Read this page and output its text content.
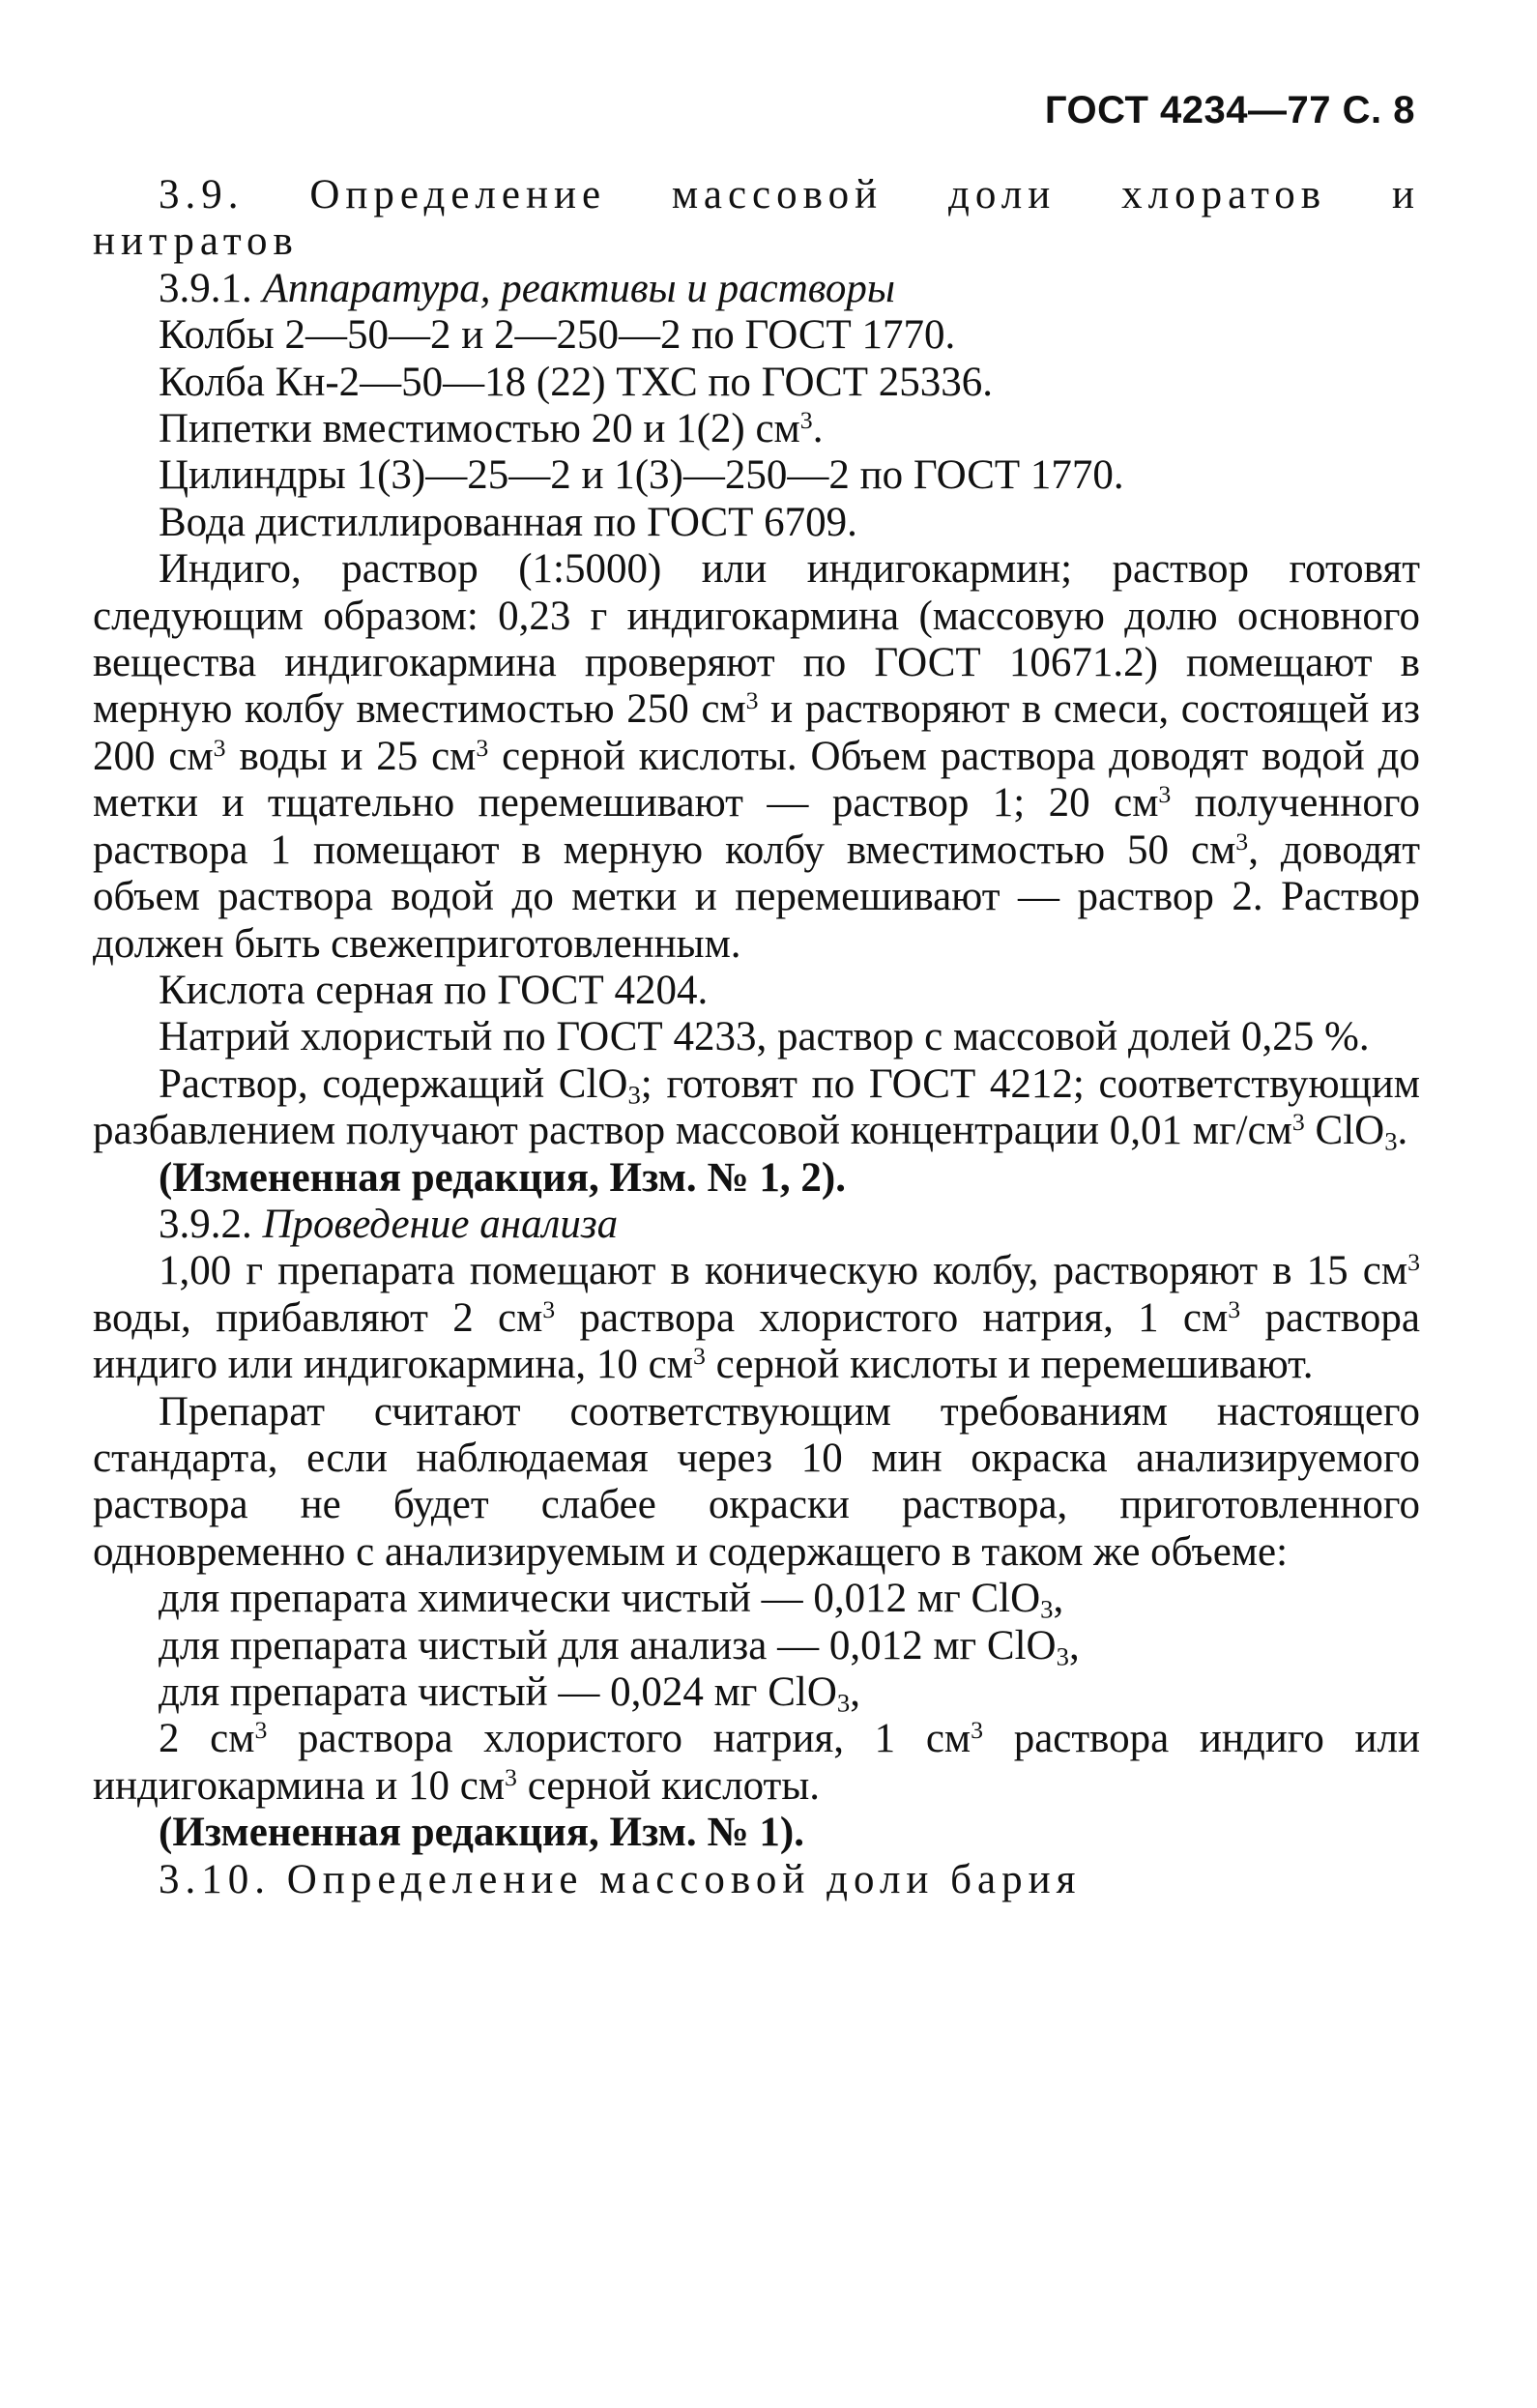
ГОСТ 4234—77 С. 8

3.9. Определение массовой доли хлоратов и

нитратов

3.9.1. Аппаратура, реактивы и растворы

Колбы 2—50—2 и 2—250—2 по ГОСТ 1770.

Колба Кн-2—50—18 (22) ТХС по ГОСТ 25336.

Пипетки вместимостью 20 и 1(2) $см^3$.

Цилиндры 1(3)—25—2 и 1(3)—250—2 по ГОСТ 1770.

Вода дистиллированная по ГОСТ 6709.

Индиго, раствор (1:5000) или индигокармин; раствор готовят следующим образом: 0,23 г индигокармина (массовую долю основного вещества индигокармина проверяют по ГОСТ 10671.2) помещают в мерную колбу вместимостью 250 $см^3$ и растворяют в смеси, состоящей из 200 $см^3$ воды и 25 $см^3$ серной кислоты. Объем раствора доводят водой до метки и тщательно перемешивают — раствор 1; 20 $см^3$ полученного раствора 1 помещают в мерную колбу вместимостью 50 $см^3$, доводят объем раствора водой до метки и перемешивают — раствор 2. Раствор должен быть свежеприготовленным.

Кислота серная по ГОСТ 4204.

Натрий хлористый по ГОСТ 4233, раствор с массовой долей 0,25 %.

Раствор, содержащий ClO$_3$; готовят по ГОСТ 4212; соответствующим разбавлением получают раствор массовой концентрации 0,01 $мг/см^3$ ClO$_3$.

(Измененная редакция, Изм. № 1, 2).

3.9.2. Проведение анализа

1,00 г препарата помещают в коническую колбу, растворяют в 15 $см^3$ воды, прибавляют 2 $см^3$ раствора хлористого натрия, 1 $см^3$ раствора индиго или индигокармина, 10 $см^3$ серной кислоты и перемешивают.

Препарат считают соответствующим требованиям настоящего стандарта, если наблюдаемая через 10 мин окраска анализируемого раствора не будет слабее окраски раствора, приготовленного одновременно с анализируемым и содержащего в таком же объеме:

для препарата химически чистый — 0,012 мг ClO$_3$,

для препарата чистый для анализа — 0,012 мг ClO$_3$,

для препарата чистый — 0,024 мг ClO$_3$,

2 $см^3$ раствора хлористого натрия, 1 $см^3$ раствора индиго или индигокармина и 10 $см^3$ серной кислоты.

(Измененная редакция, Изм. № 1).

3.10. Определение массовой доли бария
